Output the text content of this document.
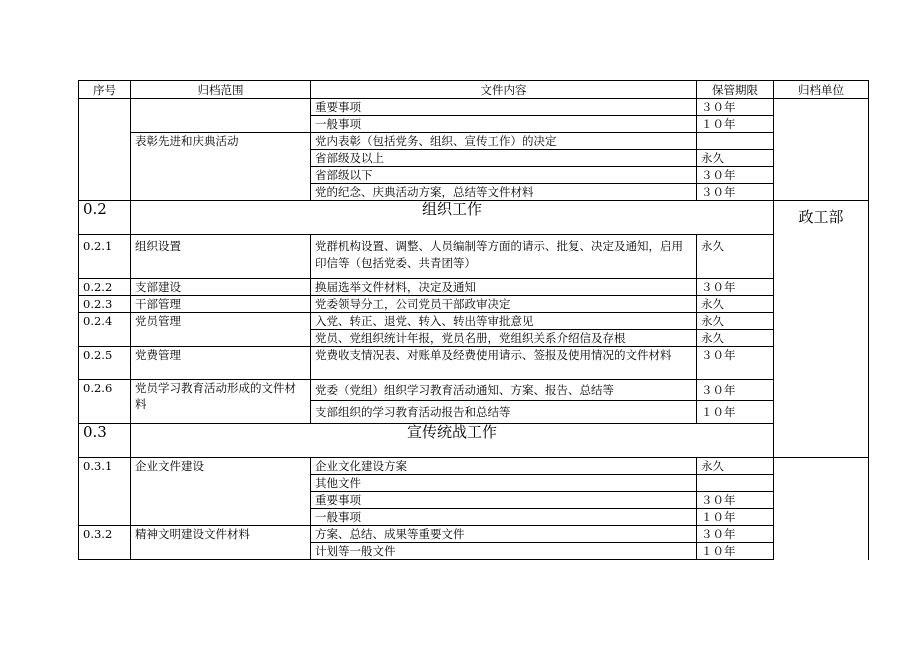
序号	归档范围	文件内容	保管期限	归档单位	
		重要事项	３０年		
		一般事项	１０年		
	表彰先进和庆典活动	党内表彰（包括党务、组织、宣传工作）的决定			
		省部级及以上	永久		
		省部级以下	３０年		
		党的纪念、庆典活动方案，总结等文件材料	３０年		
0.2	组织工作			政工部	
0.2.1	组织设置	党群机构设置、调整、人员编制等方面的请示、批复、决定及通知，启用印信等（包括党委、共青团等）	永久		
0.2.2	支部建设	换届选举文件材料，决定及通知	３０年		
0.2.3	干部管理	党委领导分工，公司党员干部政审决定	永久		
0.2.4	党员管理	入党、转正、退党、转入、转出等审批意见	永久		
		党员、党组织统计年报，党员名册，党组织关系介绍信及存根	永久		
0.2.5	党费管理	党费收支情况表、对账单及经费使用请示、签报及使用情况的文件材料	３０年		
0.2.6	党员学习教育活动形成的文件材料	党委（党组）组织学习教育活动通知、方案、报告、总结等	３０年		
		支部组织的学习教育活动报告和总结等	１０年		
0.3	宣传统战工作	
0.3.1	企业文件建设	企业文化建设方案	永久		
		其他文件			
		重要事项	３０年		
		一般事项	１０年		
0.3.2	精神文明建设文件材料	方案、总结、成果等重要文件	３０年		
		计划等一般文件	１０年		
